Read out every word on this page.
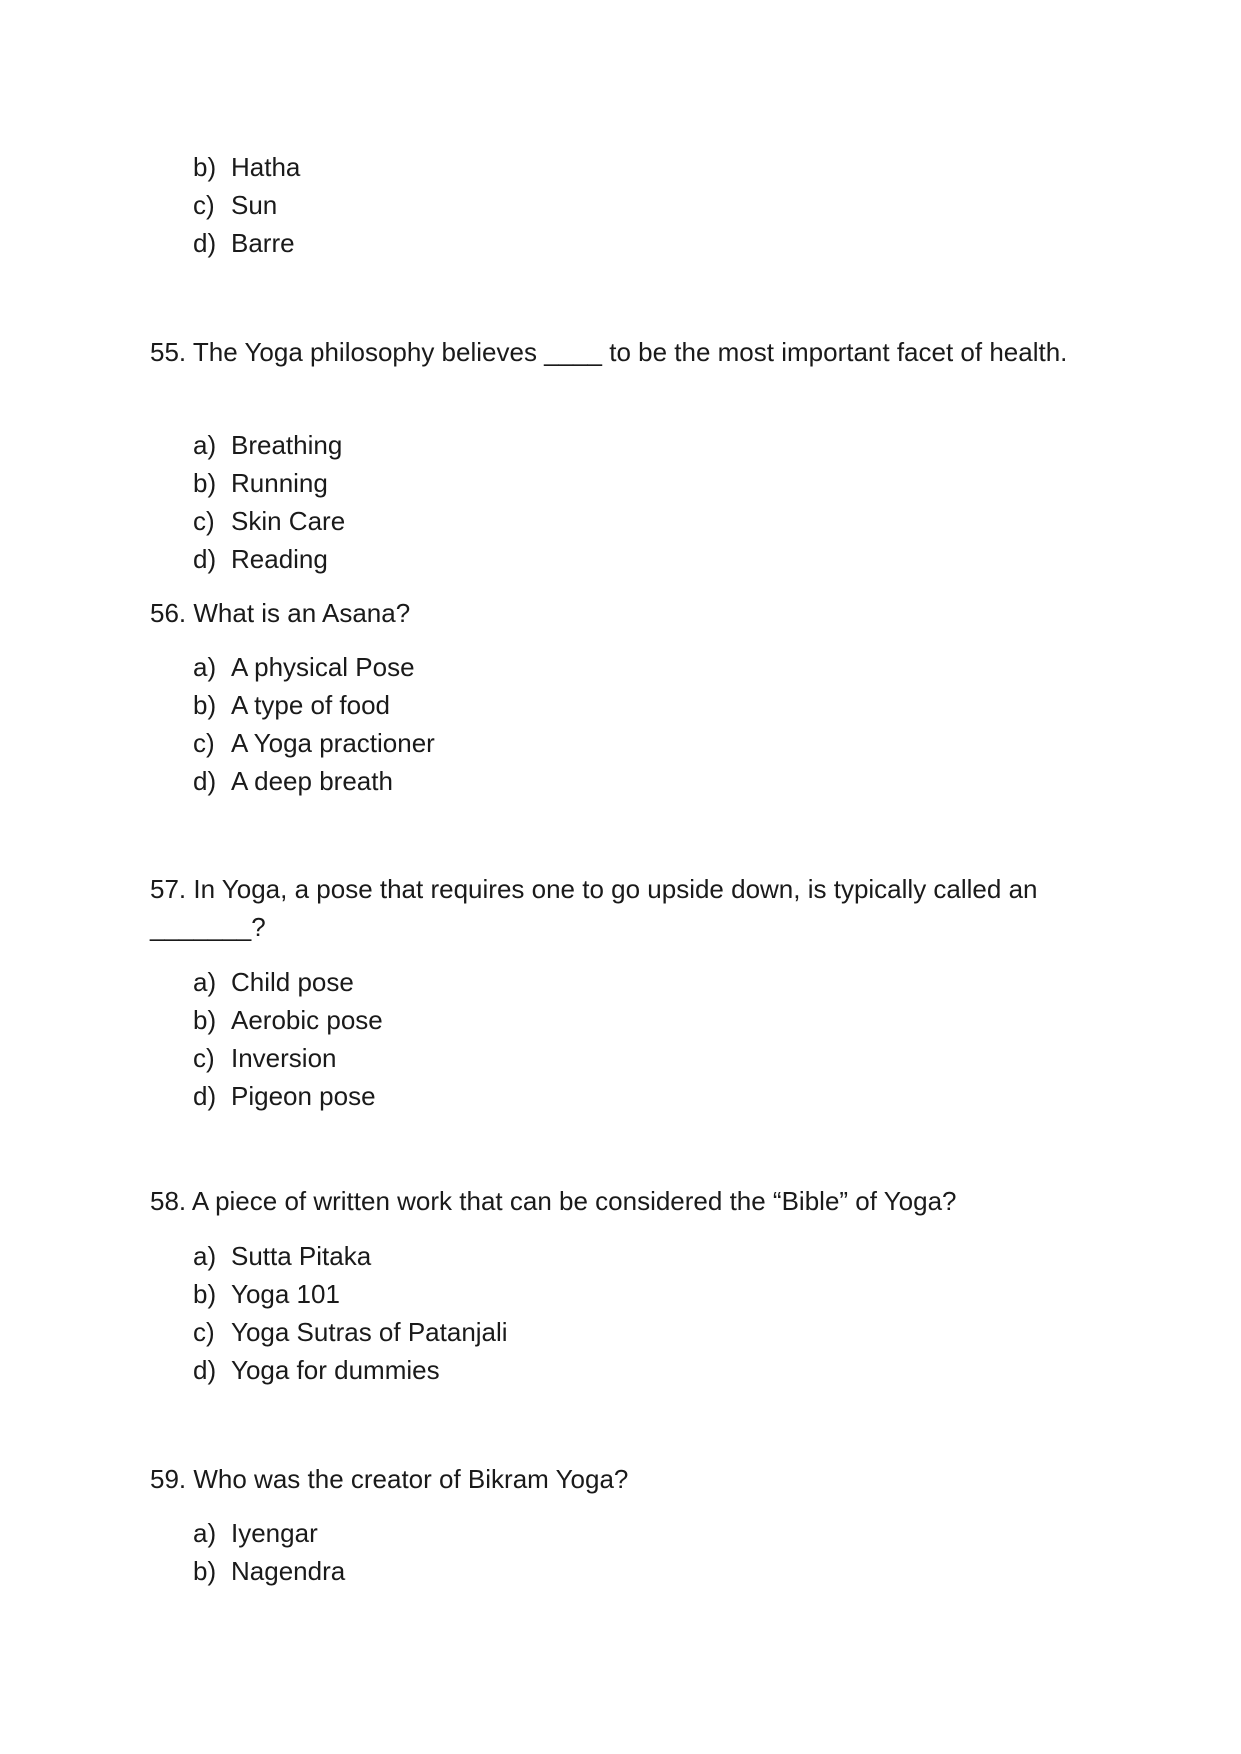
b) Hatha
c) Sun
d) Barre
55. The Yoga philosophy believes ____ to be the most important facet of health.
a) Breathing
b) Running
c) Skin Care
d) Reading
56. What is an Asana?
a) A physical Pose
b) A type of food
c) A Yoga practioner
d) A deep breath
57. In Yoga, a pose that requires one to go upside down, is typically called an _______?
a) Child pose
b) Aerobic pose
c) Inversion
d) Pigeon pose
58. A piece of written work that can be considered the “Bible” of Yoga?
a) Sutta Pitaka
b) Yoga 101
c) Yoga Sutras of Patanjali
d) Yoga for dummies
59. Who was the creator of Bikram Yoga?
a) Iyengar
b) Nagendra
